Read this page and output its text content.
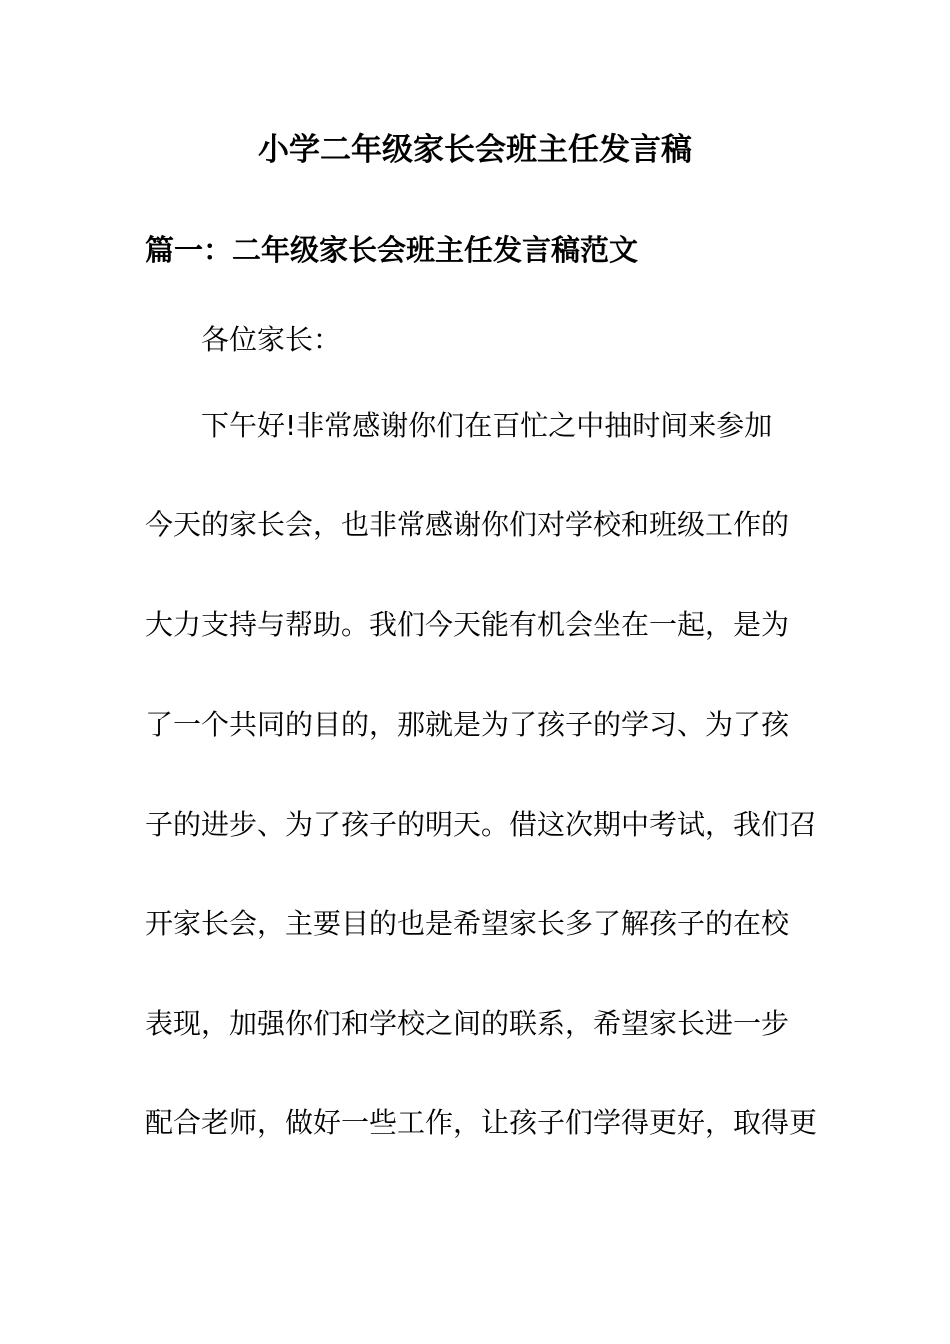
小学二年级家长会班主任发言稿
篇一：二年级家长会班主任发言稿范文

各位家长：

下午好!非常感谢你们在百忙之中抽时间来参加

今天的家长会，也非常感谢你们对学校和班级工作的

大力支持与帮助。我们今天能有机会坐在一起，是为

了一个共同的目的，那就是为了孩子的学习、为了孩

子的进步、为了孩子的明天。借这次期中考试，我们召

开家长会，主要目的也是希望家长多了解孩子的在校

表现，加强你们和学校之间的联系，希望家长进一步

配合老师，做好一些工作，让孩子们学得更好，取得更
